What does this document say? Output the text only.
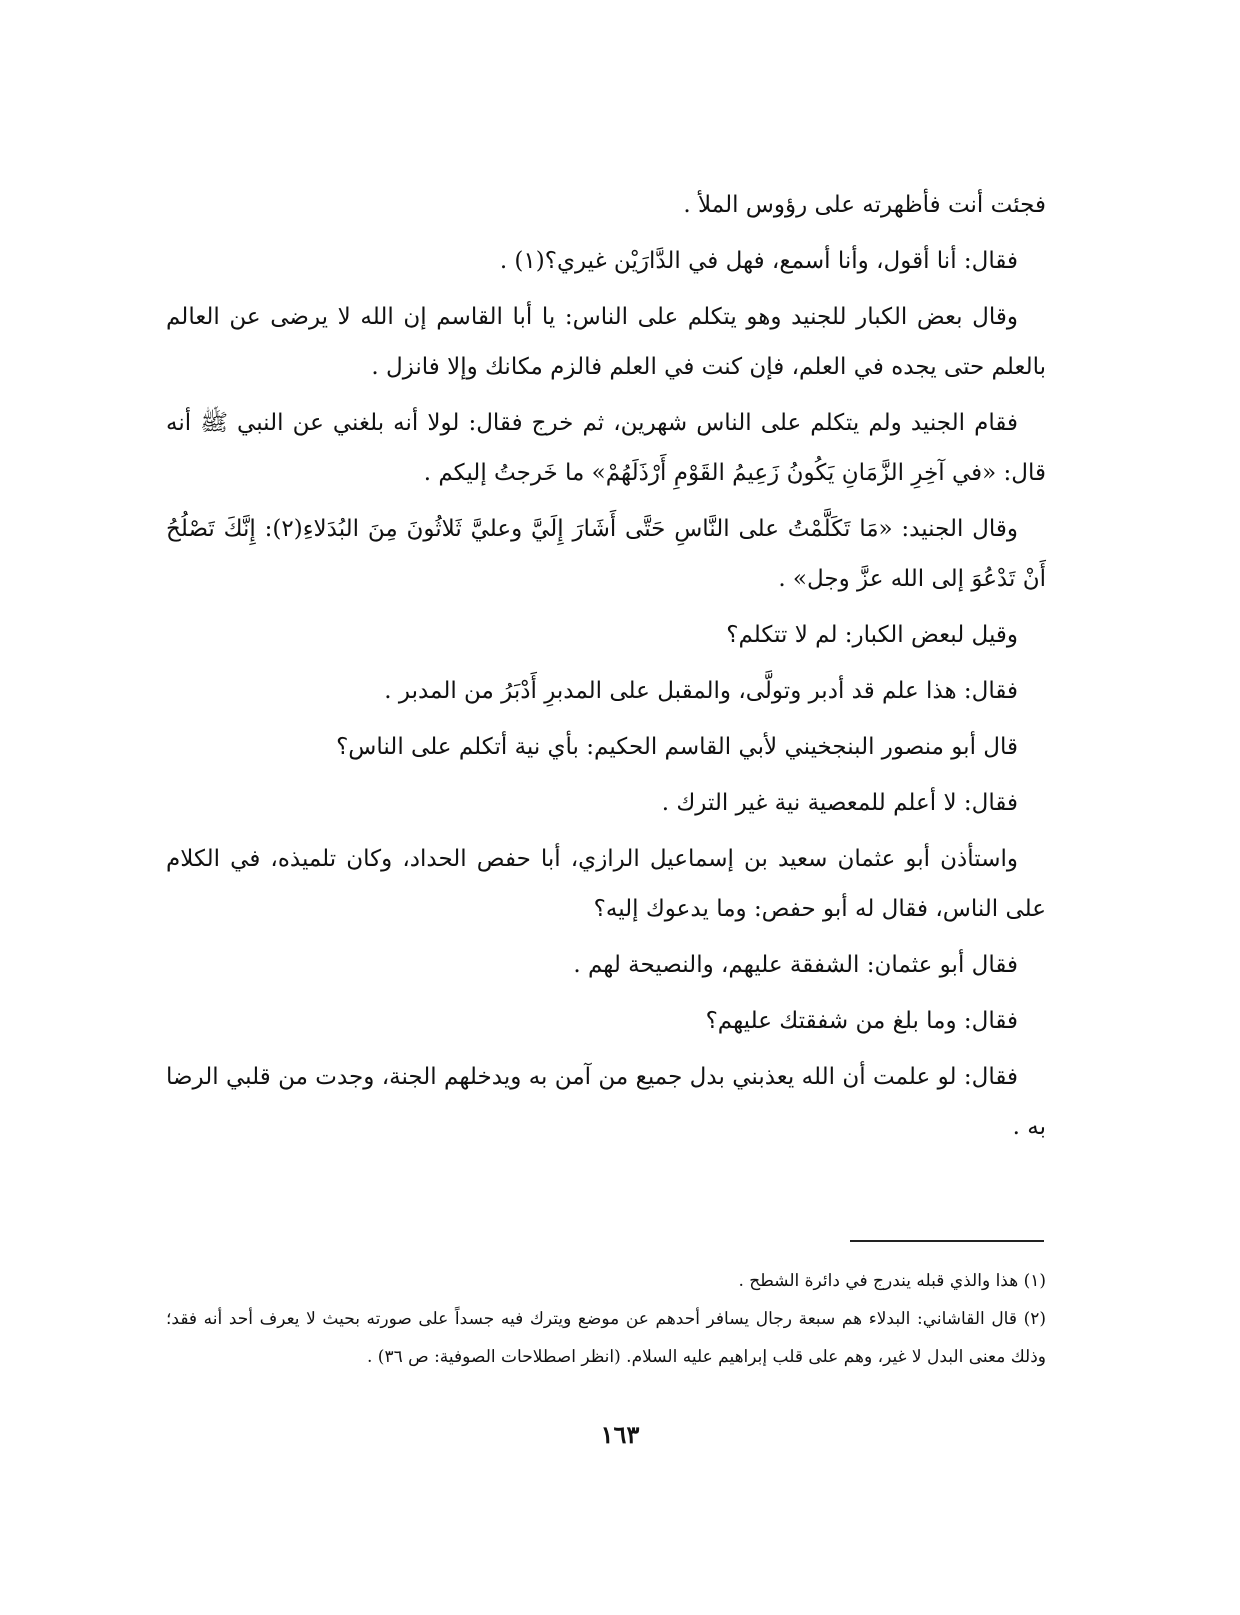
فجئت أنت فأظهرته على رؤوس الملأ .

فقال: أنا أقول، وأنا أسمع، فهل في الدَّارَيْن غيري؟(١) .

وقال بعض الكبار للجنيد وهو يتكلم على الناس: يا أبا القاسم إن الله لا يرضى عن العالم بالعلم حتى يجده في العلم، فإن كنت في العلم فالزم مكانك وإلا فانزل .

فقام الجنيد ولم يتكلم على الناس شهرين، ثم خرج فقال: لولا أنه بلغني عن النبي ﷺ أنه قال: «في آخِرِ الزَّمَانِ يَكُونُ زَعِيمُ القَوْمِ أَرْذَلَهُمْ» ما خَرجتُ إليكم .

وقال الجنيد: «مَا تَكَلَّمْتُ على النَّاسِ حَتَّى أَشَارَ إِلَيَّ وعليَّ ثَلاثُونَ مِنَ البُدَلاءِ(٢): إِنَّكَ تَصْلُحُ أَنْ تَدْعُوَ إلى الله عزَّ وجل» .

وقيل لبعض الكبار: لم لا تتكلم؟

فقال: هذا علم قد أدبر وتولَّى، والمقبل على المدبرِ أَدْبَرُ من المدبر .

قال أبو منصور البنجخيني لأبي القاسم الحكيم: بأي نية أتكلم على الناس؟

فقال: لا أعلم للمعصية نية غير الترك .

واستأذن أبو عثمان سعيد بن إسماعيل الرازي، أبا حفص الحداد، وكان تلميذه، في الكلام على الناس، فقال له أبو حفص: وما يدعوك إليه؟

فقال أبو عثمان: الشفقة عليهم، والنصيحة لهم .

فقال: وما بلغ من شفقتك عليهم؟

فقال: لو علمت أن الله يعذبني بدل جميع من آمن به ويدخلهم الجنة، وجدت من قلبي الرضا به .

(١) هذا والذي قبله يندرج في دائرة الشطح .

(٢) قال القاشاني: البدلاء هم سبعة رجال يسافر أحدهم عن موضع ويترك فيه جسداً على صورته بحيث لا يعرف أحد أنه فقد؛ وذلك معنى البدل لا غير، وهم على قلب إبراهيم عليه السلام. (انظر اصطلاحات الصوفية: ص ٣٦) .

١٦٣
